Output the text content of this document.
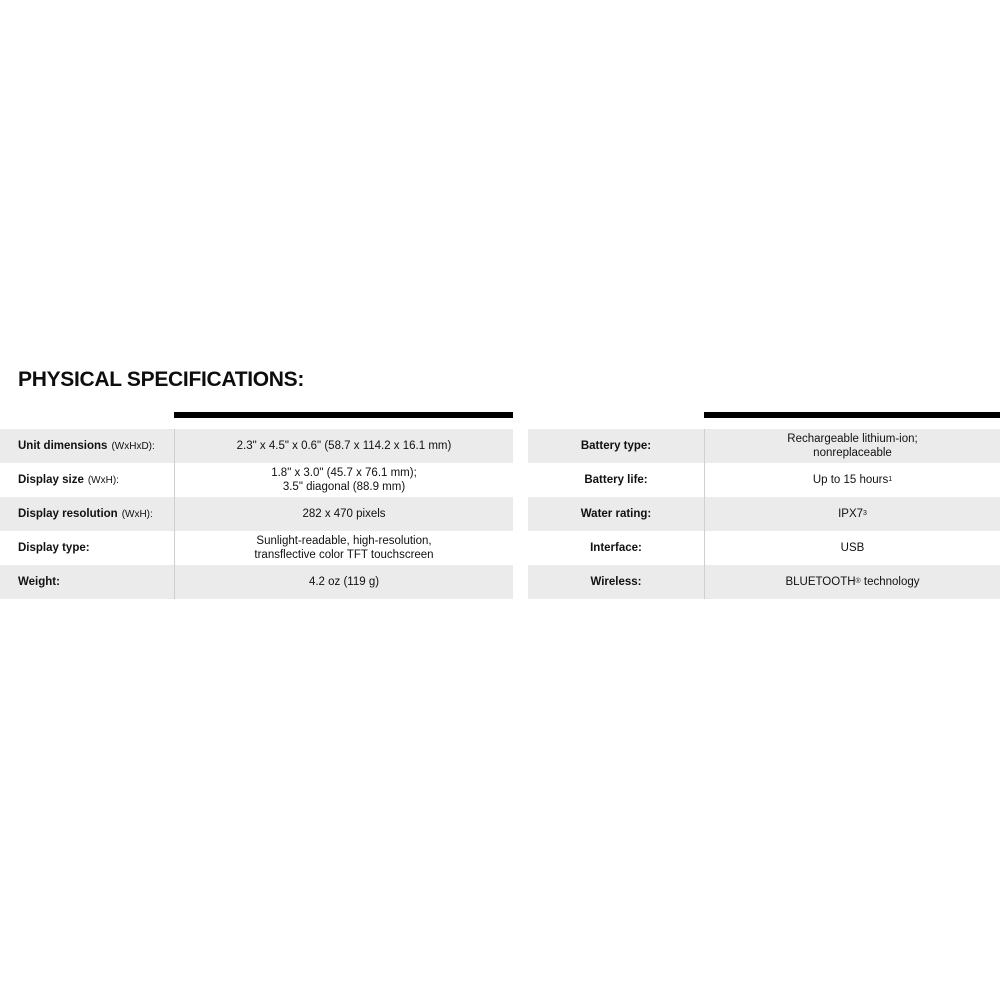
PHYSICAL SPECIFICATIONS:
Unit dimensions (WxHxD):	2.3" x 4.5" x 0.6" (58.7 x 114.2 x 16.1 mm)
Display size (WxH):
1.8" x 3.0" (45.7 x 76.1 mm);
3.5" diagonal (88.9 mm)
Display resolution (WxH):	282 x 470 pixels
Display type:
Sunlight-readable, high-resolution,
transflective color TFT touchscreen
Weight:	4.2 oz (119 g)
Battery type:
Rechargeable lithium-ion;
nonreplaceable
Battery life:	Up to 15 hours 1
Water rating:	IPX7 3
Interface:	USB
Wireless:	BLUETOOTH ® technology
